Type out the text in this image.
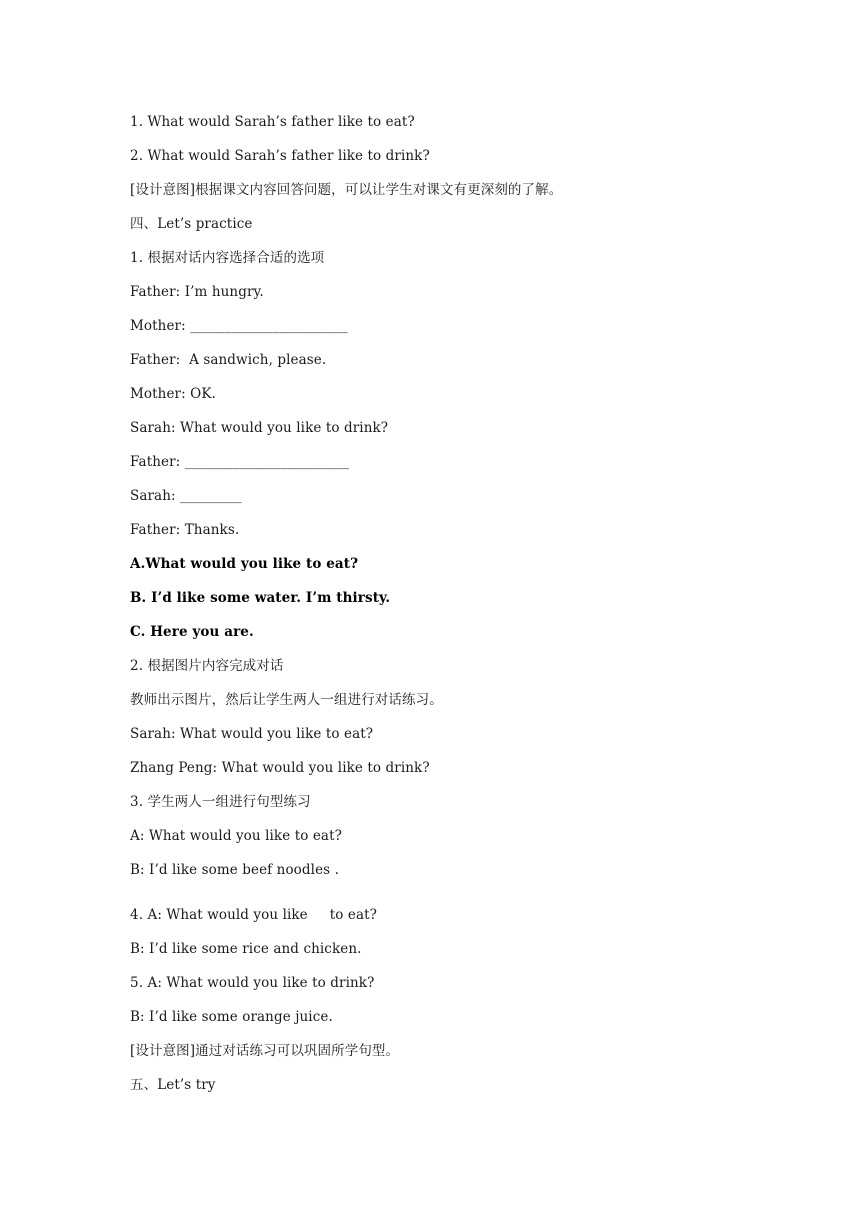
1. What would Sarah’s father like to eat?
2. What would Sarah’s father like to drink?
[设计意图]根据课文内容回答问题，可以让学生对课文有更深刻的了解。
四、Let’s practice
1. 根据对话内容选择合适的选项
Father: I’m hungry.
Mother: _______________________
Father:  A sandwich, please.
Mother: OK.
Sarah: What would you like to drink?
Father: ________________________
Sarah: _________
Father: Thanks.
A.What would you like to eat?
B. I’d like some water. I’m thirsty.
C. Here you are.
2. 根据图片内容完成对话
教师出示图片，然后让学生两人一组进行对话练习。
Sarah: What would you like to eat?
Zhang Peng: What would you like to drink?
3. 学生两人一组进行句型练习
A: What would you like to eat?
B: I’d like some beef noodles .
4. A: What would you like     to eat?
B: I’d like some rice and chicken.
5. A: What would you like to drink?
B: I’d like some orange juice.
[设计意图]通过对话练习可以巩固所学句型。
五、Let’s try
